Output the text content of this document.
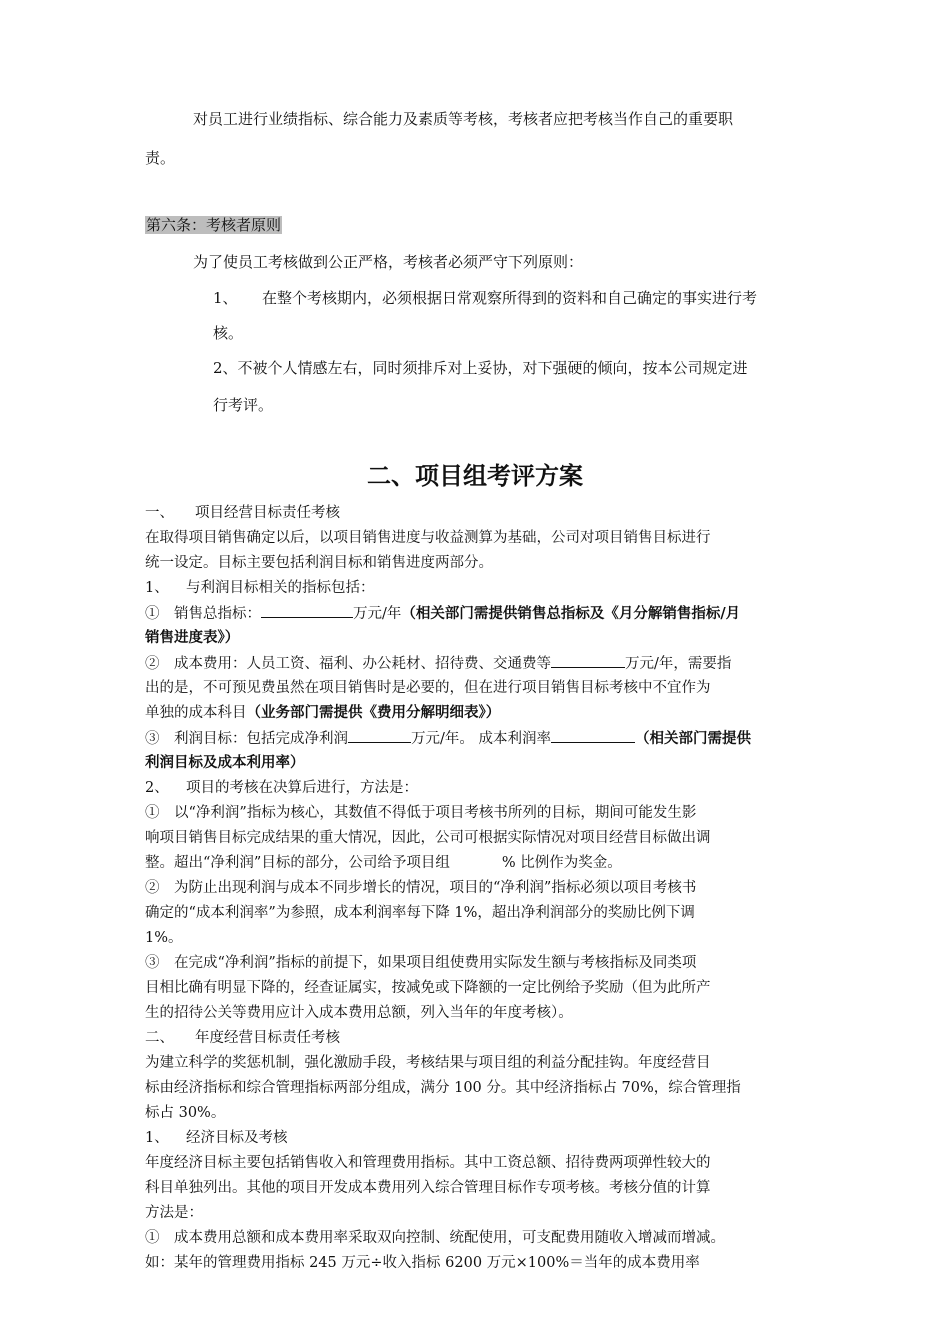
对员工进行业绩指标、综合能力及素质等考核，考核者应把考核当作自己的重要职

责。

第六条：考核者原则

为了使员工考核做到公正严格，考核者必须严守下列原则：

1、 在整个考核期内，必须根据日常观察所得到的资料和自己确定的事实进行考

核。

2、不被个人情感左右，同时须排斥对上妥协，对下强硬的倾向，按本公司规定进

行考评。

二、项目组考评方案

一、 项目经营目标责任考核

在取得项目销售确定以后，以项目销售进度与收益测算为基础，公司对项目销售目标进行

统一设定。目标主要包括利润目标和销售进度两部分。

1、 与利润目标相关的指标包括：

①　销售总指标：	万元/年（相关部门需提供销售总指标及《月分解销售指标/月

销售进度表》）

②　成本费用：人员工资、福利、办公耗材、招待费、交通费等	万元/年，需要指

出的是，不可预见费虽然在项目销售时是必要的，但在进行项目销售目标考核中不宜作为

单独的成本科目（业务部门需提供《费用分解明细表》）

③　利润目标：包括完成净利润	万元/年。 成本利润率	（相关部门需提供

利润目标及成本利用率）

2、 项目的考核在决算后进行，方法是：

①　以“净利润”指标为核心，其数值不得低于项目考核书所列的目标，期间可能发生影

响项目销售目标完成结果的重大情况，因此，公司可根据实际情况对项目经营目标做出调

整。超出“净利润”目标的部分，公司给予项目组	% 比例作为奖金。

②　为防止出现利润与成本不同步增长的情况，项目的“净利润”指标必须以项目考核书

确定的“成本利润率”为参照，成本利润率每下降 1%，超出净利润部分的奖励比例下调

1%。

③　在完成“净利润”指标的前提下，如果项目组使费用实际发生额与考核指标及同类项

目相比确有明显下降的，经查证属实，按减免或下降额的一定比例给予奖励（但为此所产

生的招待公关等费用应计入成本费用总额，列入当年的年度考核）。

二、 年度经营目标责任考核

为建立科学的奖惩机制，强化激励手段，考核结果与项目组的利益分配挂钩。年度经营目

标由经济指标和综合管理指标两部分组成，满分 100 分。其中经济指标占 70%，综合管理指

标占 30%。

1、 经济目标及考核

年度经济目标主要包括销售收入和管理费用指标。其中工资总额、招待费两项弹性较大的

科目单独列出。其他的项目开发成本费用列入综合管理目标作专项考核。考核分值的计算

方法是：

①　成本费用总额和成本费用率采取双向控制、统配使用，可支配费用随收入增减而增减。

如：某年的管理费用指标 245 万元÷收入指标 6200 万元×100%＝当年的成本费用率
